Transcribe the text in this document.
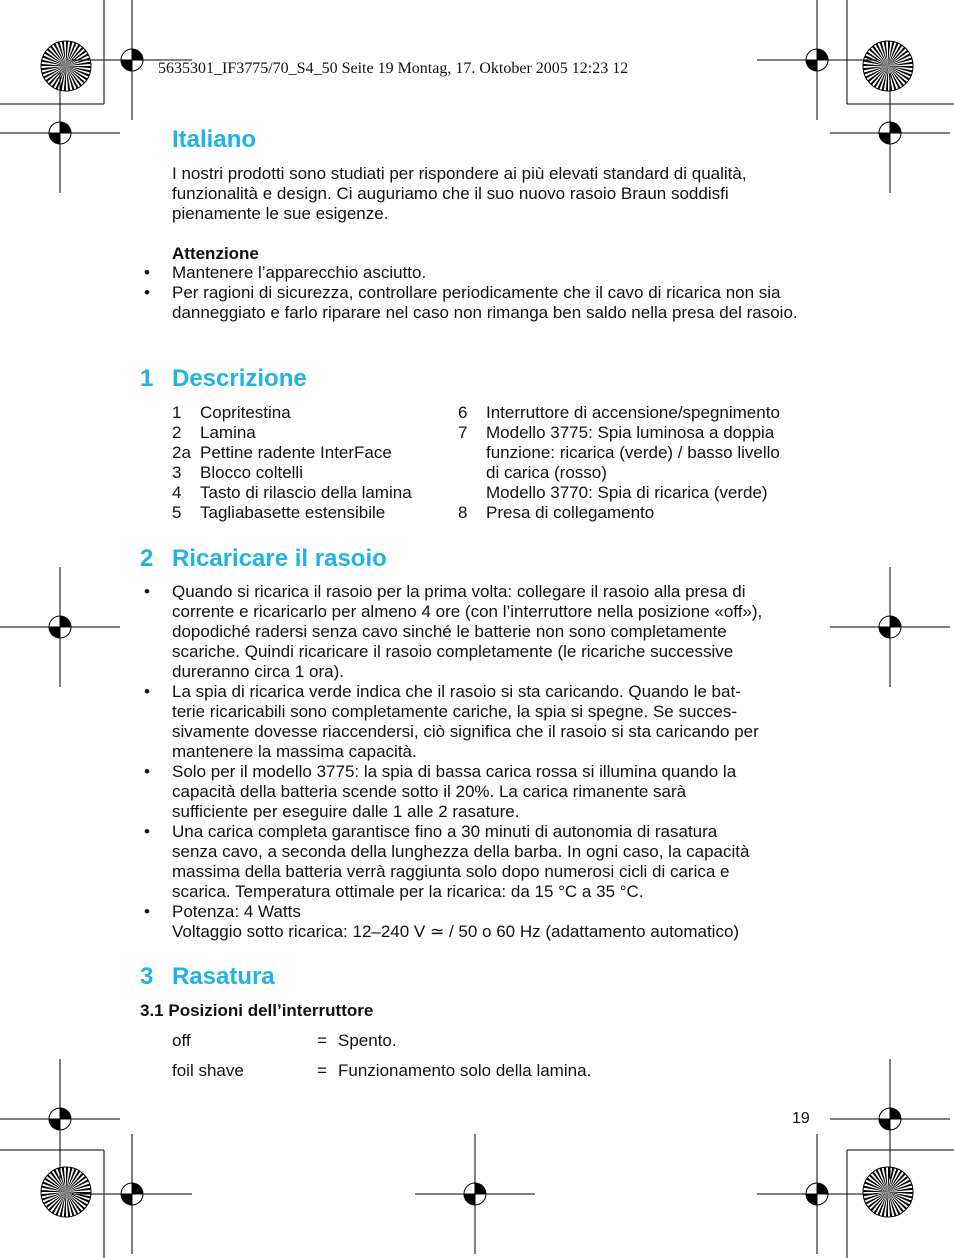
5635301_IF3775/70_S4_50 Seite 19 Montag, 17. Oktober 2005 12:23 12
Italiano
I nostri prodotti sono studiati per rispondere ai più elevati standard di qualità, funzionalità e design. Ci auguriamo che il suo nuovo rasoio Braun soddisfi pienamente le sue esigenze.
Attenzione
• Mantenere l’apparecchio asciutto.
• Per ragioni di sicurezza, controllare periodicamente che il cavo di ricarica non sia danneggiato e farlo riparare nel caso non rimanga ben saldo nella presa del rasoio.
1 Descrizione
1 Copritestina
2 Lamina
2a Pettine radente InterFace
3 Blocco coltelli
4 Tasto di rilascio della lamina
5 Tagliabasette estensibile
6 Interruttore di accensione/spegnimento
7 Modello 3775: Spia luminosa a doppia
funzione: ricarica (verde) / basso livello
di carica (rosso)
Modello 3770: Spia di ricarica (verde)
8 Presa di collegamento
2 Ricaricare il rasoio
• Quando si ricarica il rasoio per la prima volta: collegare il rasoio alla presa di
corrente e ricaricarlo per almeno 4 ore (con l’interruttore nella posizione «off»),
dopodiché radersi senza cavo sinché le batterie non sono completamente
scariche. Quindi ricaricare il rasoio completamente (le ricariche successive
dureranno circa 1 ora).
• La spia di ricarica verde indica che il rasoio si sta caricando. Quando le bat-
terie ricaricabili sono completamente cariche, la spia si spegne. Se succes-
sivamente dovesse riaccendersi, ciò significa che il rasoio si sta caricando per
mantenere la massima capacità.
• Solo per il modello 3775: la spia di bassa carica rossa si illumina quando la
capacità della batteria scende sotto il 20%. La carica rimanente sarà
sufficiente per eseguire dalle 1 alle 2 rasature.
• Una carica completa garantisce fino a 30 minuti di autonomia di rasatura
senza cavo, a seconda della lunghezza della barba. In ogni caso, la capacità
massima della batteria verrà raggiunta solo dopo numerosi cicli di carica e
scarica. Temperatura ottimale per la ricarica: da 15 °C a 35 °C.
• Potenza: 4 Watts
Voltaggio sotto ricarica: 12–240 V ≃ / 50 o 60 Hz (adattamento automatico)
3 Rasatura
3.1 Posizioni dell’interruttore
off	= Spento.
foil shave	= Funzionamento solo della lamina.
19
